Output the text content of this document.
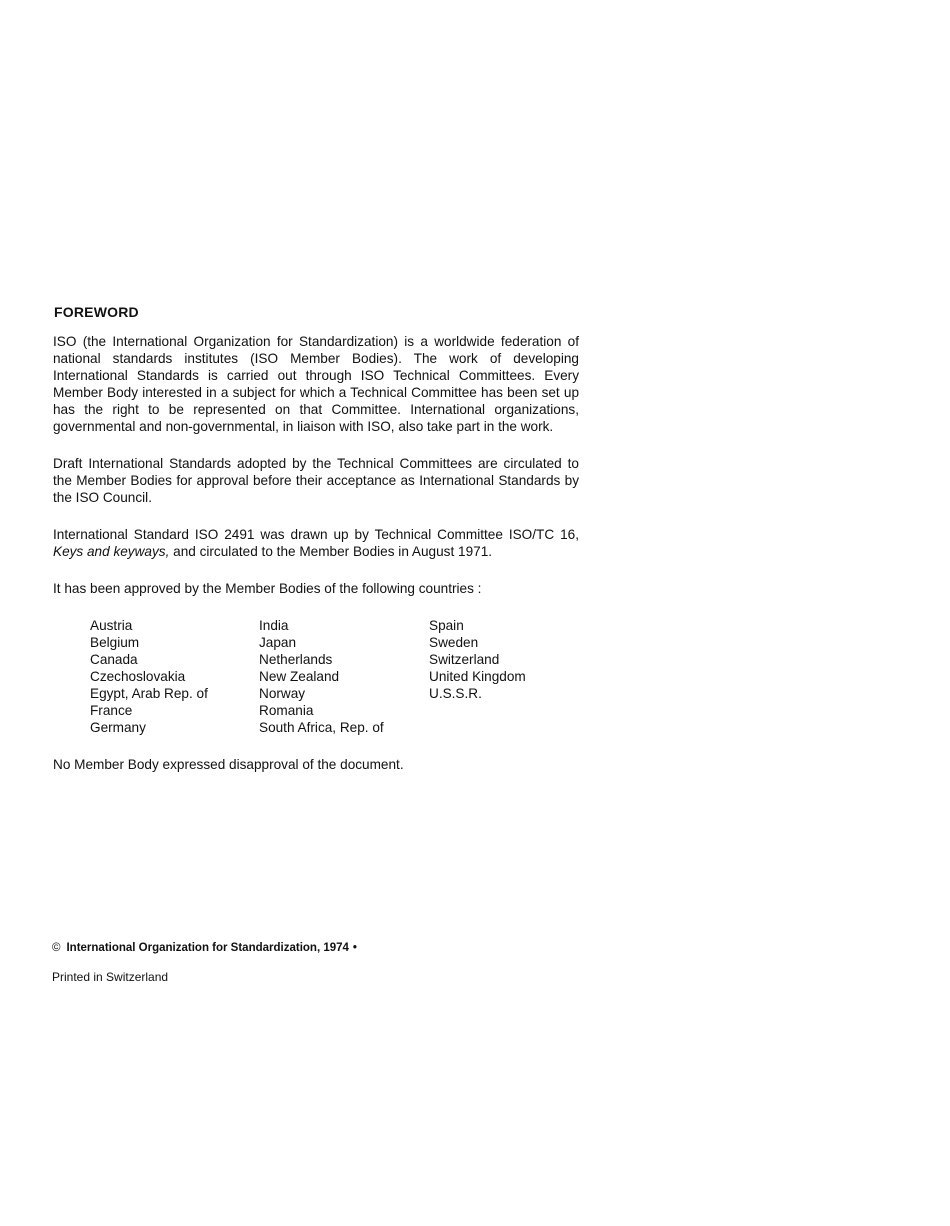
FOREWORD

ISO (the International Organization for Standardization) is a worldwide federation of national standards institutes (ISO Member Bodies). The work of developing International Standards is carried out through ISO Technical Committees. Every Member Body interested in a subject for which a Technical Committee has been set up has the right to be represented on that Committee. International organizations, governmental and non-governmental, in liaison with ISO, also take part in the work.

Draft International Standards adopted by the Technical Committees are circulated to the Member Bodies for approval before their acceptance as International Standards by the ISO Council.

International Standard ISO 2491 was drawn up by Technical Committee ISO/TC 16, Keys and keyways, and circulated to the Member Bodies in August 1971.

It has been approved by the Member Bodies of the following countries :

Austria
Belgium
Canada
Czechoslovakia
Egypt, Arab Rep. of
France
Germany
India
Japan
Netherlands
New Zealand
Norway
Romania
South Africa, Rep. of
Spain
Sweden
Switzerland
United Kingdom
U.S.S.R.

No Member Body expressed disapproval of the document.

© International Organization for Standardization, 1974 •
Printed in Switzerland
